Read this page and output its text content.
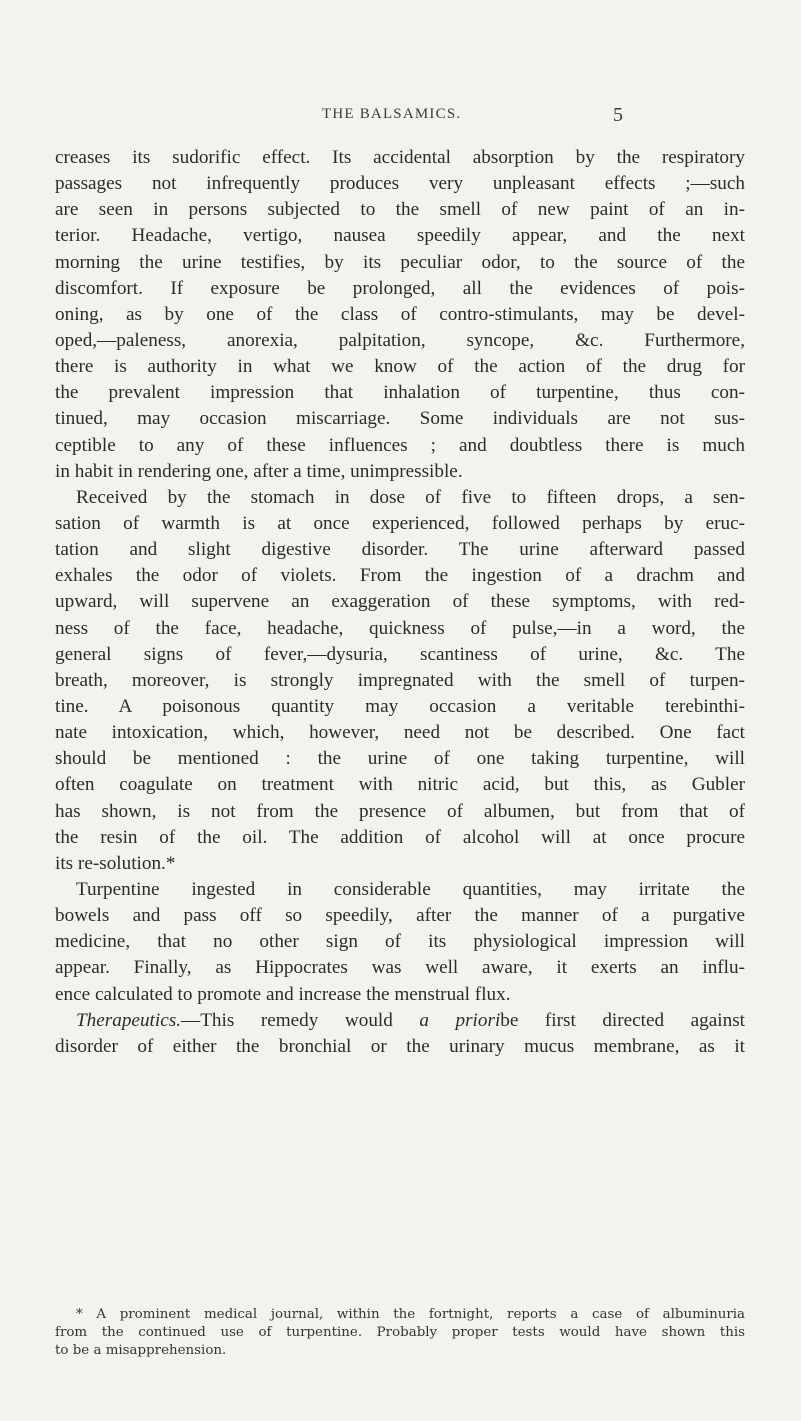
THE BALSAMICS.	5
creases its sudorific effect. Its accidental absorption by the respiratory
passages not infrequently produces very unpleasant effects ;—such
are seen in persons subjected to the smell of new paint of an in-
terior. Headache, vertigo, nausea speedily appear, and the next
morning the urine testifies, by its peculiar odor, to the source of the
discomfort. If exposure be prolonged, all the evidences of pois-
oning, as by one of the class of contro-stimulants, may be devel-
oped,—paleness, anorexia, palpitation, syncope, &c. Furthermore,
there is authority in what we know of the action of the drug for
the prevalent impression that inhalation of turpentine, thus con-
tinued, may occasion miscarriage. Some individuals are not sus-
ceptible to any of these influences ; and doubtless there is much
in habit in rendering one, after a time, unimpressible.
Received by the stomach in dose of five to fifteen drops, a sen-
sation of warmth is at once experienced, followed perhaps by eruc-
tation and slight digestive disorder. The urine afterward passed
exhales the odor of violets. From the ingestion of a drachm and
upward, will supervene an exaggeration of these symptoms, with red-
ness of the face, headache, quickness of pulse,—in a word, the
general signs of fever,—dysuria, scantiness of urine, &c. The
breath, moreover, is strongly impregnated with the smell of turpen-
tine. A poisonous quantity may occasion a veritable terebinthi-
nate intoxication, which, however, need not be described. One fact
should be mentioned : the urine of one taking turpentine, will
often coagulate on treatment with nitric acid, but this, as Gubler
has shown, is not from the presence of albumen, but from that of
the resin of the oil. The addition of alcohol will at once procure
its re-solution.*
Turpentine ingested in considerable quantities, may irritate the
bowels and pass off so speedily, after the manner of a purgative
medicine, that no other sign of its physiological impression will
appear. Finally, as Hippocrates was well aware, it exerts an influ-
ence calculated to promote and increase the menstrual flux.
Therapeutics.—This remedy would a prioribe first directed against
disorder of either the bronchial or the urinary mucus membrane, as it
* A prominent medical journal, within the fortnight, reports a case of albuminuria
from the continued use of turpentine. Probably proper tests would have shown this
to be a misapprehension.
